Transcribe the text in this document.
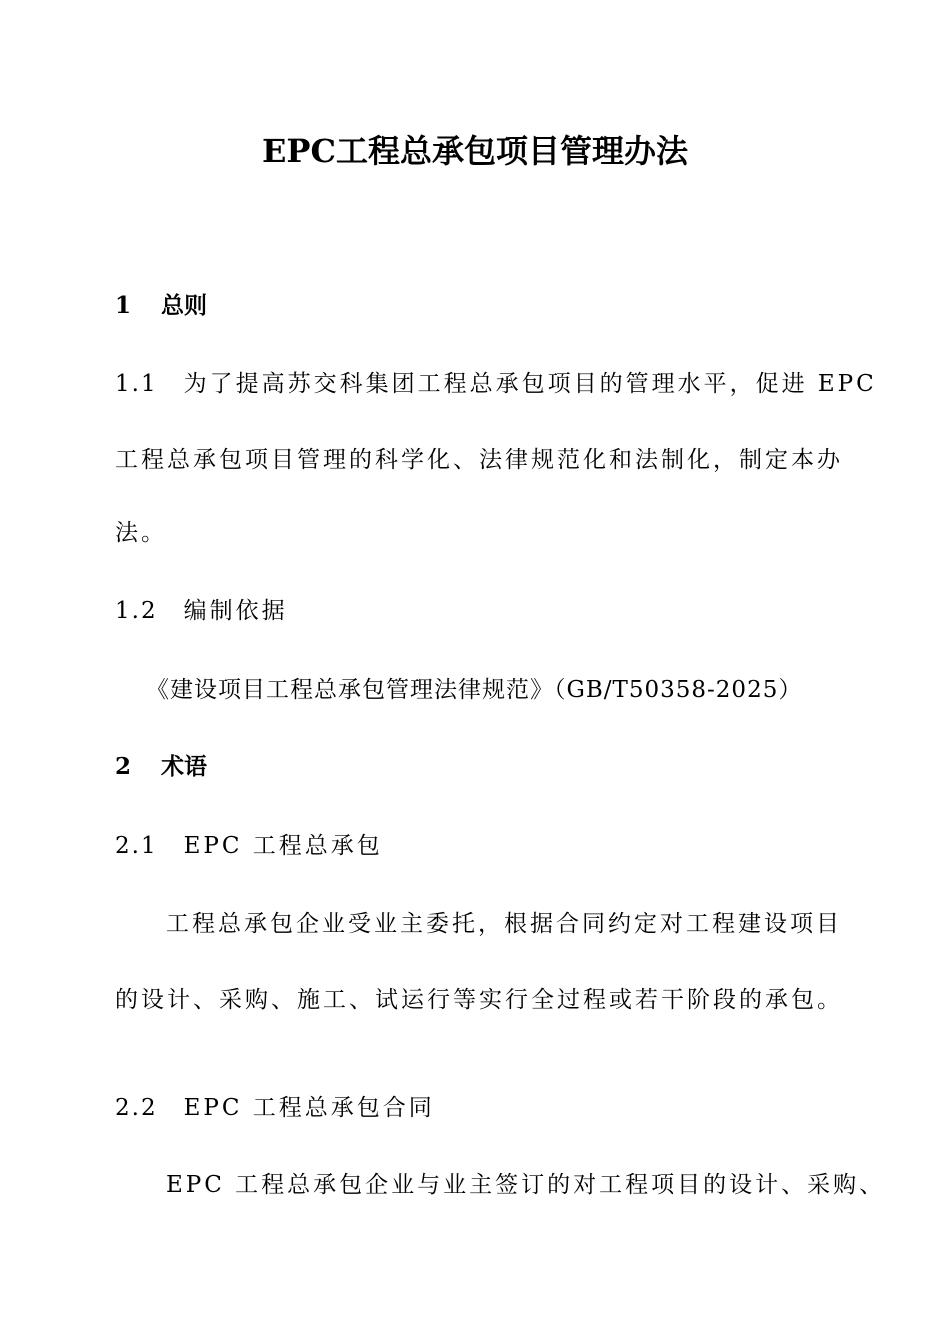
EPC工程总承包项目管理办法
1 总则
1.1 为了提高苏交科集团工程总承包项目的管理水平，促进 EPC
工程总承包项目管理的科学化、法律规范化和法制化，制定本办
法。
1.2 编制依据
《建设项目工程总承包管理法律规范》（GB/T50358-2025）
2 术语
2.1 EPC 工程总承包
工程总承包企业受业主委托，根据合同约定对工程建设项目
的设计、采购、施工、试运行等实行全过程或若干阶段的承包。
2.2 EPC 工程总承包合同
EPC 工程总承包企业与业主签订的对工程项目的设计、采购、
